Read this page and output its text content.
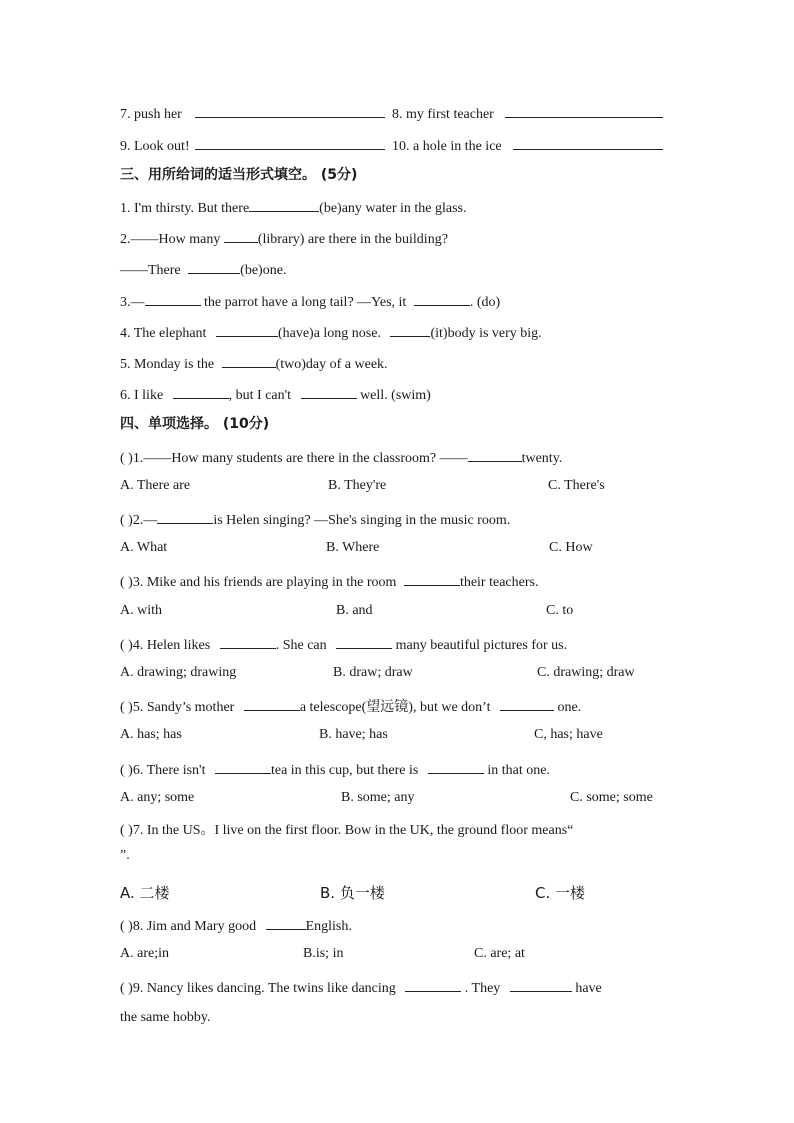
7. push her	8. my first teacher
9. Look out!	10. a hole in the ice
三、用所给词的适当形式填空。 (5分)
1. I'm thirsty. But there	(be)any water in the glass.
2.——How many	(library) are there in the building?
——There	(be)one.
3.—	the parrot have a long tail? —Yes, it	. (do)
4. The elephant	(have)a long nose.	(it)body is very big.
5. Monday is the	(two)day of a week.
6. I like	, but I can't	well. (swim)
四、单项选择。 (10分)
( )1.——How many students are there in the classroom? ——	twenty.
A. There are	B. They're	C. There's
( )2.—	is Helen singing? —She's singing in the music room.
A. What	B. Where	C. How
( )3. Mike and his friends are playing in the room	their teachers.
A. with	B. and	C. to
( )4. Helen likes	. She can	many beautiful pictures for us.
A. drawing; drawing	B. draw; draw	C. drawing; draw
( )5. Sandy’s mother	a telescope(望远镜), but we don’t	one.
A. has; has	B. have; has	C, has; have
( )6. There isn't	tea in this cup, but there is	in that one.
A. any; some	B. some; any	C. some; some
( )7. In the US。I live on the first floor. Bow in the UK, the ground floor means“
”.
A. 二楼	B. 负一楼	C. 一楼
( )8. Jim and Mary good	English.
A. are;in	B.is; in	C. are; at
( )9. Nancy likes dancing. The twins like dancing	. They	have
the same hobby.
